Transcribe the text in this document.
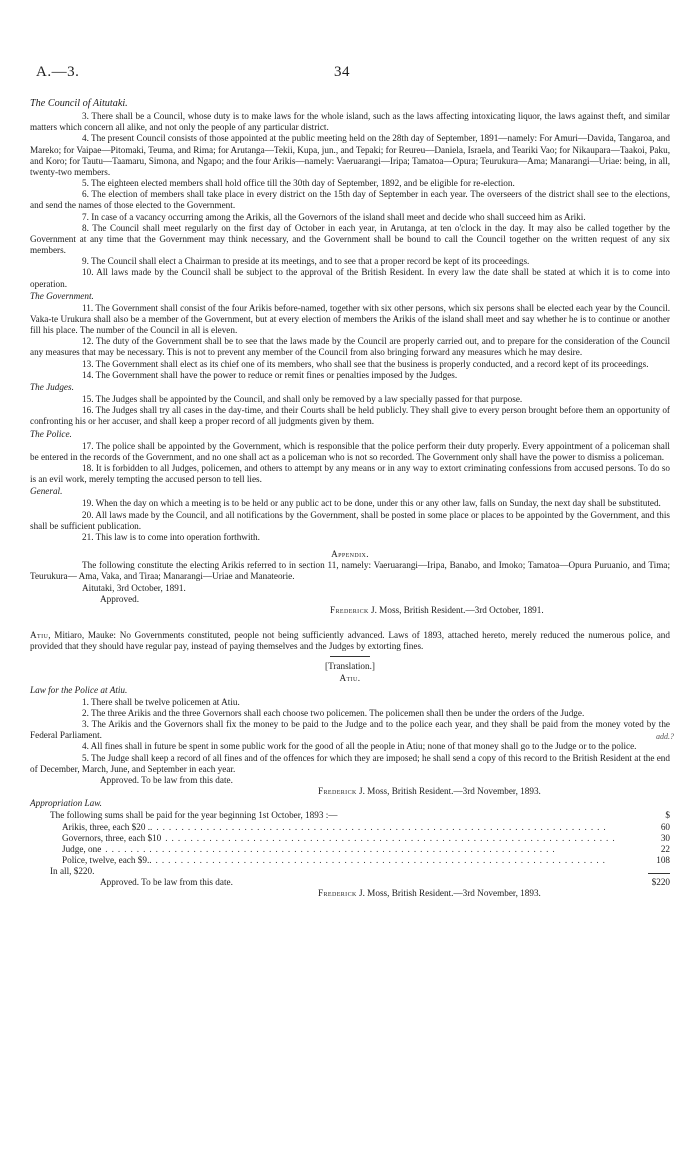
A.—3.	34

The Council of Aitutaki.

3. There shall be a Council, whose duty is to make laws for the whole island, such as the laws affecting intoxicating liquor, the laws against theft, and similar matters which concern all alike, and not only the people of any particular district.

4. The present Council consists of those appointed at the public meeting held on the 28th day of September, 1891—namely: For Amuri—Davida, Tangaroa, and Mareko; for Vaipae—Pitomaki, Teuma, and Rima; for Arutanga—Tekii, Kupa, jun., and Tepaki; for Reureu—Daniela, Israela, and Teariki Vao; for Nikaupara—Taakoi, Paku, and Koro; for Tautu—Taamaru, Simona, and Ngapo; and the four Arikis—namely: Vaeruarangi—Iripa; Tamatoa—Opura; Teurukura—Ama; Manarangi—Uriae: being, in all, twenty-two members.

5. The eighteen elected members shall hold office till the 30th day of September, 1892, and be eligible for re-election.

6. The election of members shall take place in every district on the 15th day of September in each year. The overseers of the district shall see to the elections, and send the names of those elected to the Government.

7. In case of a vacancy occurring among the Arikis, all the Governors of the island shall meet and decide who shall succeed him as Ariki.

8. The Council shall meet regularly on the first day of October in each year, in Arutanga, at ten o'clock in the day. It may also be called together by the Government at any time that the Government may think necessary, and the Government shall be bound to call the Council together on the written request of any six members.

9. The Council shall elect a Chairman to preside at its meetings, and to see that a proper record be kept of its proceedings.

10. All laws made by the Council shall be subject to the approval of the British Resident. In every law the date shall be stated at which it is to come into operation.

The Government.

11. The Government shall consist of the four Arikis before-named, together with six other persons, which six persons shall be elected each year by the Council. Vaka-te Urukura shall also be a member of the Government, but at every election of members the Arikis of the island shall meet and say whether he is to continue or another fill his place. The number of the Council in all is eleven.

12. The duty of the Government shall be to see that the laws made by the Council are properly carried out, and to prepare for the consideration of the Council any measures that may be necessary. This is not to prevent any member of the Council from also bringing forward any measures which he may desire.

13. The Government shall elect as its chief one of its members, who shall see that the business is properly conducted, and a record kept of its proceedings.

14. The Government shall have the power to reduce or remit fines or penalties imposed by the Judges.

The Judges.

15. The Judges shall be appointed by the Council, and shall only be removed by a law specially passed for that purpose.

16. The Judges shall try all cases in the day-time, and their Courts shall be held publicly. They shall give to every person brought before them an opportunity of confronting his or her accuser, and shall keep a proper record of all judgments given by them.

The Police.

17. The police shall be appointed by the Government, which is responsible that the police perform their duty properly. Every appointment of a policeman shall be entered in the records of the Government, and no one shall act as a policeman who is not so recorded. The Government only shall have the power to dismiss a policeman.

18. It is forbidden to all Judges, policemen, and others to attempt by any means or in any way to extort criminating confessions from accused persons. To do so is an evil work, merely tempting the accused person to tell lies.

General.

19. When the day on which a meeting is to be held or any public act to be done, under this or any other law, falls on Sunday, the next day shall be substituted.

20. All laws made by the Council, and all notifications by the Government, shall be posted in some place or places to be appointed by the Government, and this shall be sufficient publication.

21. This law is to come into operation forthwith.

Appendix.

The following constitute the electing Arikis referred to in section 11, namely: Vaeruarangi—Iripa, Banabo, and Imoko; Tamatoa—Opura Puruanio, and Tima; Teurukura— Ama, Vaka, and Tiraa; Manarangi—Uriae and Manateorie.

Aitutaki, 3rd October, 1891.

Approved.

Frederick J. Moss, British Resident.—3rd October, 1891.

Atiu, Mitiaro, Mauke: No Governments constituted, people not being sufficiently advanced. Laws of 1893, attached hereto, merely reduced the numerous police, and provided that they should have regular pay, instead of paying themselves and the Judges by extorting fines.

[Translation.]

Atiu.

Law for the Police at Atiu.

1. There shall be twelve policemen at Atiu.

2. The three Arikis and the three Governors shall each choose two policemen. The policemen shall then be under the orders of the Judge.

3. The Arikis and the Governors shall fix the money to be paid to the Judge and to the police each year, and they shall be paid from the money voted by the Federal Parliament.	add.?

4. All fines shall in future be spent in some public work for the good of all the people in Atiu; none of that money shall go to the Judge or to the police.

5. The Judge shall keep a record of all fines and of the offences for which they are imposed; he shall send a copy of this record to the British Resident at the end of December, March, June, and September in each year.

Approved. To be law from this date.

Frederick J. Moss, British Resident.—3rd November, 1893.

Appropriation Law.

The following sums shall be paid for the year beginning 1st October, 1893 :—	$
Arikis, three, each $20 .. ........................................................................	60
Governors, three, each $10 ........................................................................	30
Judge, one ........................................................................	22
Police, twelve, each $9.. ........................................................................	108
In all, $220.
Approved. To be law from this date.	$220

Frederick J. Moss, British Resident.—3rd November, 1893.
